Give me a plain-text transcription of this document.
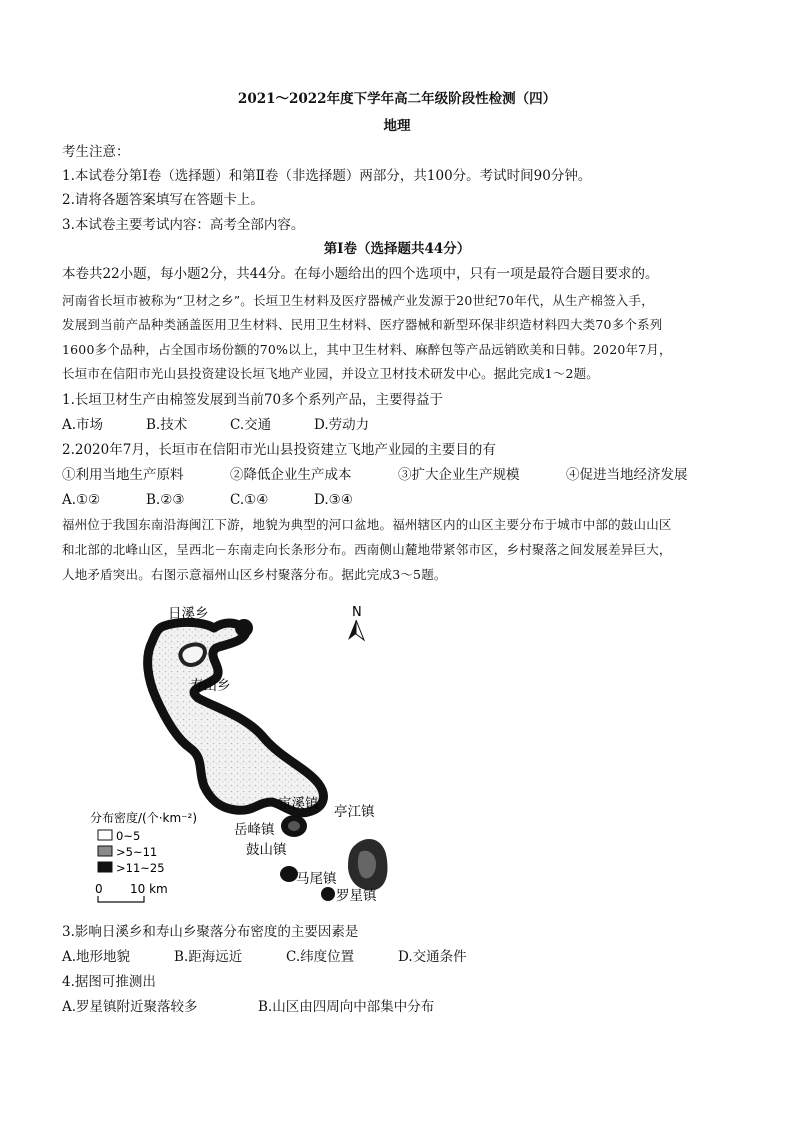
2021～2022年度下学年高二年级阶段性检测（四）
地理
考生注意：
1.本试卷分第Ⅰ卷（选择题）和第Ⅱ卷（非选择题）两部分，共100分。考试时间90分钟。
2.请将各题答案填写在答题卡上。
3.本试卷主要考试内容：高考全部内容。
第Ⅰ卷（选择题共44分）
本卷共22小题，每小题2分，共44分。在每小题给出的四个选项中，只有一项是最符合题目要求的。
河南省长垣市被称为“卫材之乡”。长垣卫生材料及医疗器械产业发源于20世纪70年代，从生产棉签入手，
发展到当前产品种类涵盖医用卫生材料、民用卫生材料、医疗器械和新型环保非织造材料四大类70多个系列
1600多个品种，占全国市场份额的70%以上，其中卫生材料、麻醉包等产品远销欧美和日韩。2020年7月，
长垣市在信阳市光山县投资建设长垣飞地产业园，并设立卫材技术研发中心。据此完成1～2题。
1.长垣卫材生产由棉签发展到当前70多个系列产品，主要得益于
A.市场	B.技术	C.交通	D.劳动力
2.2020年7月，长垣市在信阳市光山县投资建立飞地产业园的主要目的有
①利用当地生产原料	②降低企业生产成本	③扩大企业生产规模	④促进当地经济发展
A.①②	B.②③	C.①④	D.③④
福州位于我国东南沿海闽江下游，地貌为典型的河口盆地。福州辖区内的山区主要分布于城市中部的鼓山山区
和北部的北峰山区，呈西北－东南走向长条形分布。西南侧山麓地带紧邻市区，乡村聚落之间发展差异巨大，
人地矛盾突出。右图示意福州山区乡村聚落分布。据此完成3～5题。
N
日溪乡
寿山乡
宦溪镇 亭江镇
岳峰镇
鼓山镇
马尾镇
罗星镇
分布密度/(个·km⁻²)
0~5
>5~11
>11~25
0 10 km
3.影响日溪乡和寿山乡聚落分布密度的主要因素是
A.地形地貌	B.距海远近	C.纬度位置	D.交通条件
4.据图可推测出
A.罗星镇附近聚落较多	B.山区由四周向中部集中分布
